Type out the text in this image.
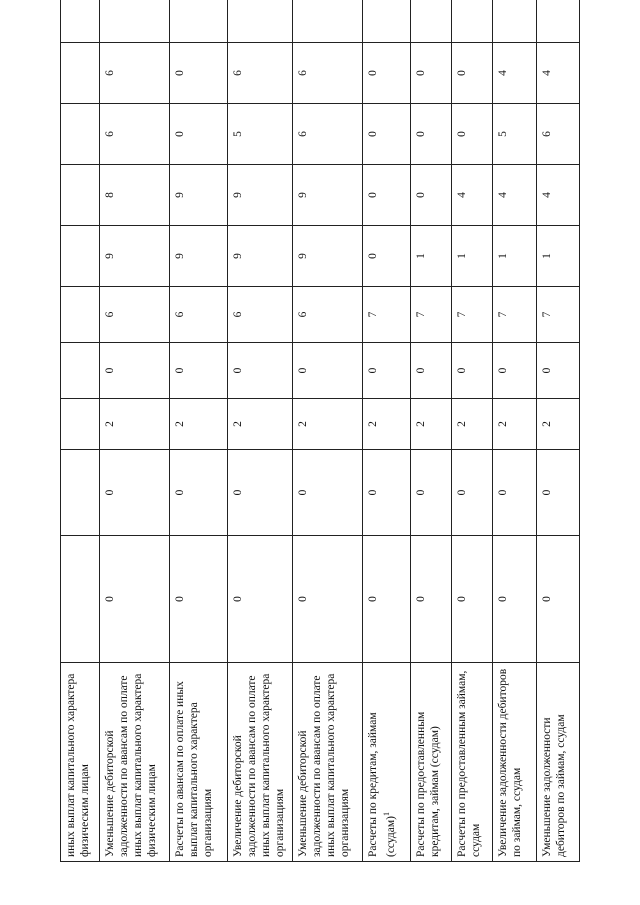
иных выплат капитального характера физическим лицам										
Уменьшение дебиторской задолженности по авансам по оплате иных выплат капитального характера физическим лицам	0	0	2	0	6	9	8	6	6	
Расчеты по авансам по оплате иных выплат капитального характера организациям	0	0	2	0	6	9	9	0	0	
Увеличение дебиторской задолженности по авансам по оплате иных выплат капитального характера организациям	0	0	2	0	6	9	9	5	6	
Уменьшение дебиторской задолженности по авансам по оплате иных выплат капитального характера организациям	0	0	2	0	6	9	9	6	6	
Расчеты по кредитам, займам (ссудам)$^1$	0	0	2	0	7	0	0	0	0	
Расчеты по предоставленным кредитам, займам (ссудам)	0	0	2	0	7	1	0	0	0	
Расчеты по предоставленным займам, ссудам	0	0	2	0	7	1	4	0	0	
Увеличение задолженности дебиторов по займам, ссудам	0	0	2	0	7	1	4	5	4	
Уменьшение задолженности дебиторов по займам, ссудам	0	0	2	0	7	1	4	6	4	
